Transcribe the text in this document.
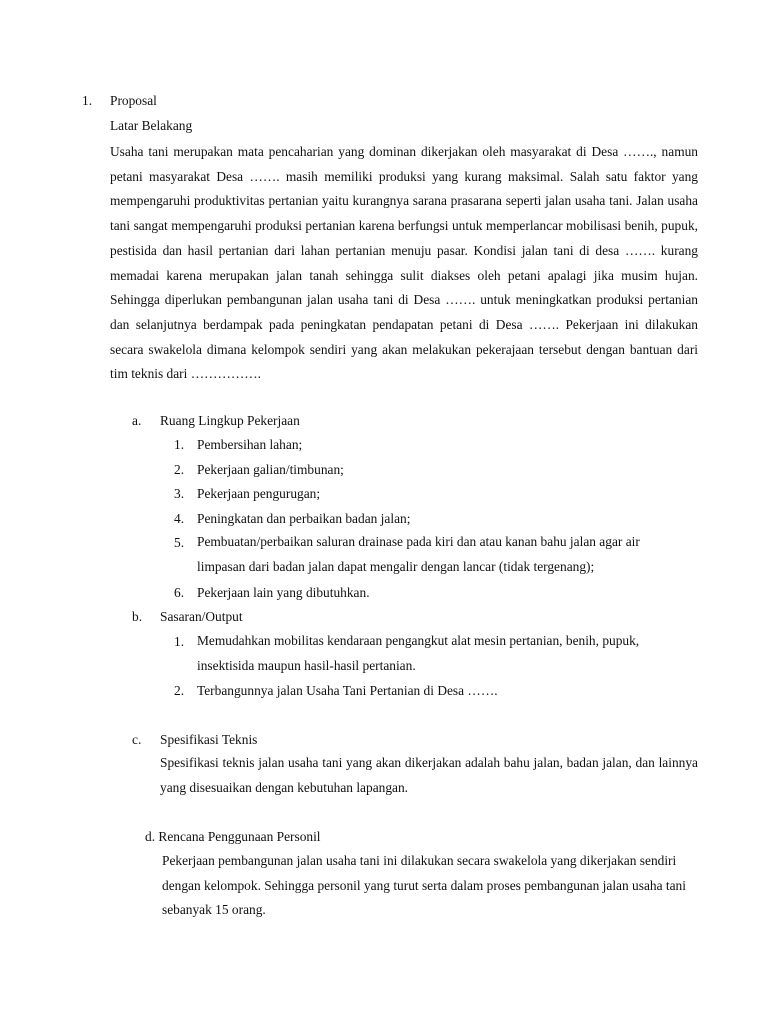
1. Proposal
Latar Belakang
Usaha tani merupakan mata pencaharian yang dominan dikerjakan oleh masyarakat di Desa ……., namun petani masyarakat Desa ……. masih memiliki produksi yang kurang maksimal. Salah satu faktor yang mempengaruhi produktivitas pertanian yaitu kurangnya sarana prasarana seperti jalan usaha tani. Jalan usaha tani sangat mempengaruhi produksi pertanian karena berfungsi untuk memperlancar mobilisasi benih, pupuk, pestisida dan hasil pertanian dari lahan pertanian menuju pasar. Kondisi jalan tani di desa ……. kurang memadai karena merupakan jalan tanah sehingga sulit diakses oleh petani apalagi jika musim hujan. Sehingga diperlukan pembangunan jalan usaha tani di Desa ……. untuk meningkatkan produksi pertanian dan selanjutnya berdampak pada peningkatan pendapatan petani di Desa ……. Pekerjaan ini dilakukan secara swakelola dimana kelompok sendiri yang akan melakukan pekerajaan tersebut dengan bantuan dari tim teknis dari …………….
a. Ruang Lingkup Pekerjaan
1. Pembersihan lahan;
2. Pekerjaan galian/timbunan;
3. Pekerjaan pengurugan;
4. Peningkatan dan perbaikan badan jalan;
5. Pembuatan/perbaikan saluran drainase pada kiri dan atau kanan bahu jalan agar air limpasan dari badan jalan dapat mengalir dengan lancar (tidak tergenang);
6. Pekerjaan lain yang dibutuhkan.
b. Sasaran/Output
1. Memudahkan mobilitas kendaraan pengangkut alat mesin pertanian, benih, pupuk, insektisida maupun hasil-hasil pertanian.
2. Terbangunnya jalan Usaha Tani Pertanian di Desa …….
c. Spesifikasi Teknis
Spesifikasi teknis jalan usaha tani yang akan dikerjakan adalah bahu jalan, badan jalan, dan lainnya yang disesuaikan dengan kebutuhan lapangan.
d. Rencana Penggunaan Personil
Pekerjaan pembangunan jalan usaha tani ini dilakukan secara swakelola yang dikerjakan sendiri dengan kelompok. Sehingga personil yang turut serta dalam proses pembangunan jalan usaha tani sebanyak 15 orang.
